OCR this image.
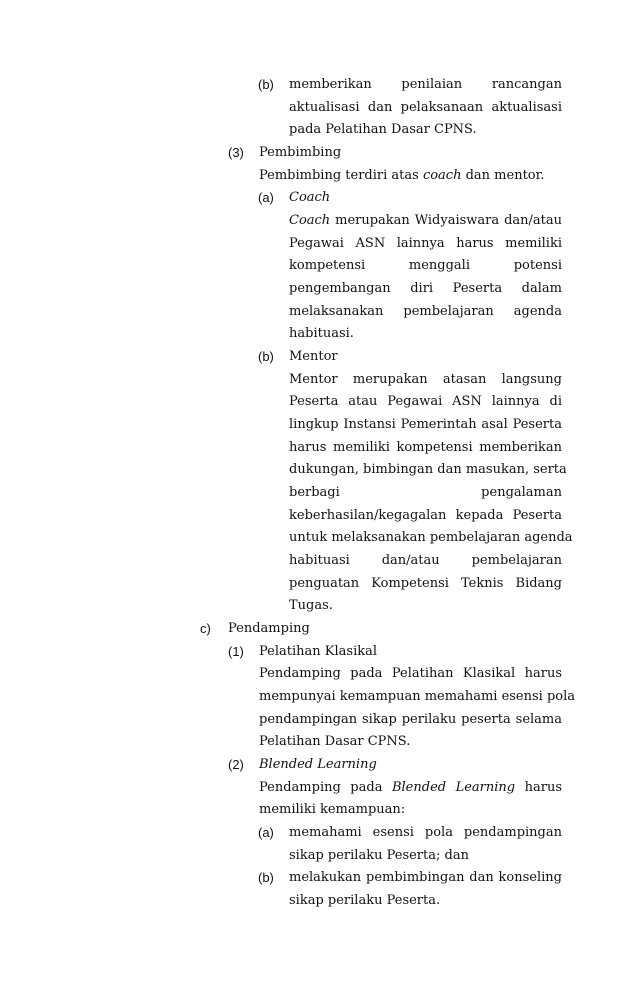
(b) memberikan penilaian rancangan
aktualisasi dan pelaksanaan aktualisasi
pada Pelatihan Dasar CPNS.
(3) Pembimbing
Pembimbing terdiri atas coach dan mentor.
(a) Coach
Coach merupakan Widyaiswara dan/atau
Pegawai ASN lainnya harus memiliki
kompetensi menggali potensi
pengembangan diri Peserta dalam
melaksanakan pembelajaran agenda
habituasi.
(b) Mentor
Mentor merupakan atasan langsung
Peserta atau Pegawai ASN lainnya di
lingkup Instansi Pemerintah asal Peserta
harus memiliki kompetensi memberikan
dukungan, bimbingan dan masukan, serta
berbagi pengalaman
keberhasilan/kegagalan kepada Peserta
untuk melaksanakan pembelajaran agenda
habituasi dan/atau pembelajaran
penguatan Kompetensi Teknis Bidang
Tugas.
c) Pendamping
(1) Pelatihan Klasikal
Pendamping pada Pelatihan Klasikal harus
mempunyai kemampuan memahami esensi pola
pendampingan sikap perilaku peserta selama
Pelatihan Dasar CPNS.
(2) Blended Learning
Pendamping pada Blended Learning harus
memiliki kemampuan:
(a) memahami esensi pola pendampingan
sikap perilaku Peserta; dan
(b) melakukan pembimbingan dan konseling
sikap perilaku Peserta.
